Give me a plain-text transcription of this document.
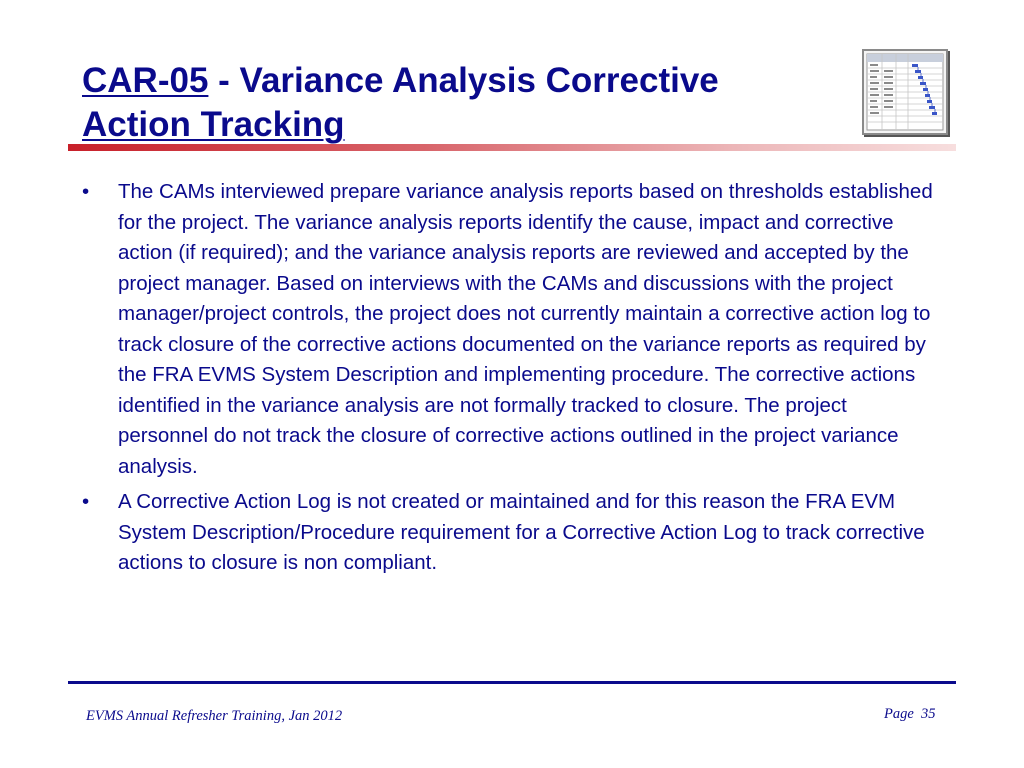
CAR-05 - Variance Analysis Corrective
Action Tracking
• The CAMs interviewed prepare variance analysis reports based on thresholds established for the project. The variance analysis reports identify the cause, impact and corrective action (if required); and the variance analysis reports are reviewed and accepted by the project manager. Based on interviews with the CAMs and discussions with the project manager/project controls, the project does not currently maintain a corrective action log to track closure of the corrective actions documented on the variance reports as required by the FRA EVMS System Description and implementing procedure. The corrective actions identified in the variance analysis are not formally tracked to closure. The project personnel do not track the closure of corrective actions outlined in the project variance analysis.
• A Corrective Action Log is not created or maintained and for this reason the FRA EVM System Description/Procedure requirement for a Corrective Action Log to track corrective actions to closure is non compliant.
EVMS Annual Refresher Training, Jan 2012	Page 35
